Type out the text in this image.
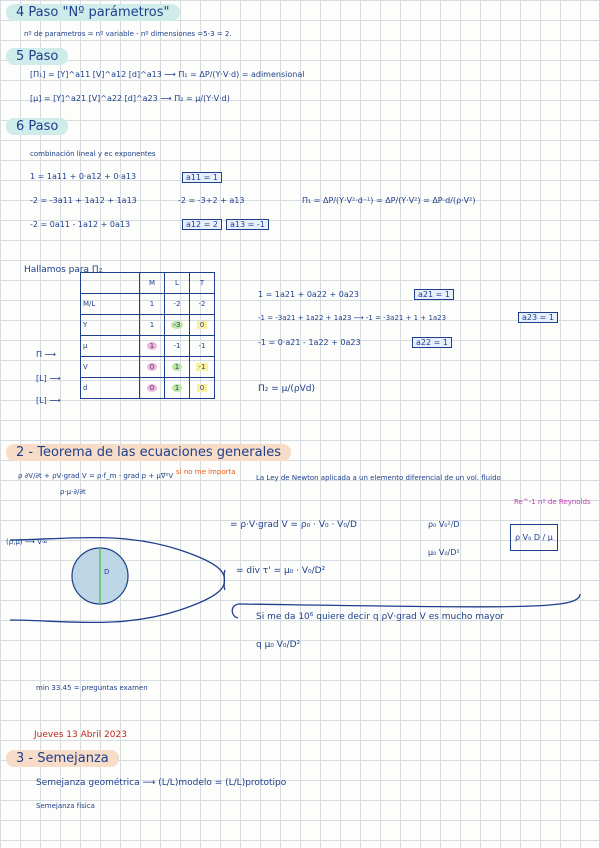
4 Paso "Nº parámetros"
nº de parametros = nº variable - nº dimensiones =5-3 = 2.
5 Paso
[Π₁] = [Y]^a11 [V]^a12 [d]^a13 ⟶ Π₁ = ΔP/(Y·V·d) = adimensional
[μ] = [Y]^a21 [V]^a22 [d]^a23 ⟶ Π₂ = μ/(Y·V·d)
6 Paso
combinación lineal y ec exponentes
1 = 1a11 + 0·a12 + 0·a13
-2 = -3a11 + 1a12 + 1a13
-2 = 0a11 - 1a12 + 0a13
a11 = 1
-2 = -3+2 + a13
a12 = 2	a13 = -1
Π₁ = ΔP/(Y·V²·d⁻¹) = ΔP/(Y·V²) = ΔP·d/(ρ·V²)
Hallamos para Π₂
	M	L	T
M/L	1	-2	-2
Y	1	-3	0
μ	1	-1	-1
V	0	1	-1
d	0	1	0
Π ⟶
[L] ⟶
[L] ⟶
1 = 1a21 + 0a22 + 0a23	a21 = 1
-1 = -3a21 + 1a22 + 1a23 ⟶ -1 = -3a21 + 1 + 1a23	a23 = 1
-1 = 0·a21 - 1a22 + 0a23	a22 = 1
Π₂ = μ/(ρVd)
2 - Teorema de las ecuaciones generales
ρ ∂V/∂t + ρV·grad V = ρ·f_m - grad p + μ∇²V si no me importa
ρ·μ·∂/∂t
La Ley de Newton aplicada a un elemento diferencial de un vol. fluido
Re^-1 nº de Reynolds
(ρ,μ) ⟶ V∞
D
= ρ·V·grad V = ρ₀ · V₀ · V₀/D
= div τ' = μ₀ · V₀/D²
ρ₀ V₀²/D
μ₀ V₀/D²
ρ V₀ D / μ
Si me da 10⁶ quiere decir q ρV·grad V es mucho mayor
q μ₀ V₀/D²
min 33.45 = preguntas examen
Jueves 13 Abril 2023
3 - Semejanza
Semejanza geométrica ⟶ (L/L)modelo = (L/L)prototipo
Semejanza física
